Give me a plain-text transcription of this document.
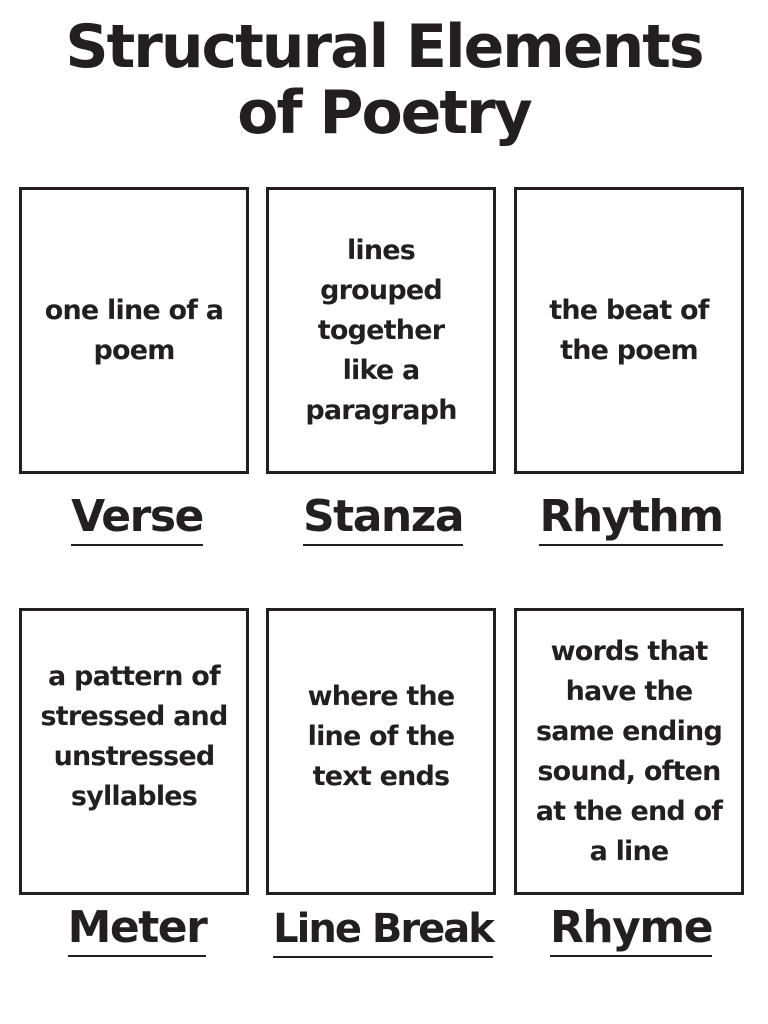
Structural Elements
of Poetry
one line of a poem
Verse
lines grouped together like a paragraph
Stanza
the beat of the poem
Rhythm
a pattern of stressed and unstressed syllables
Meter
where the line of the text ends
Line Break
words that have the same ending sound, often at the end of a line
Rhyme
